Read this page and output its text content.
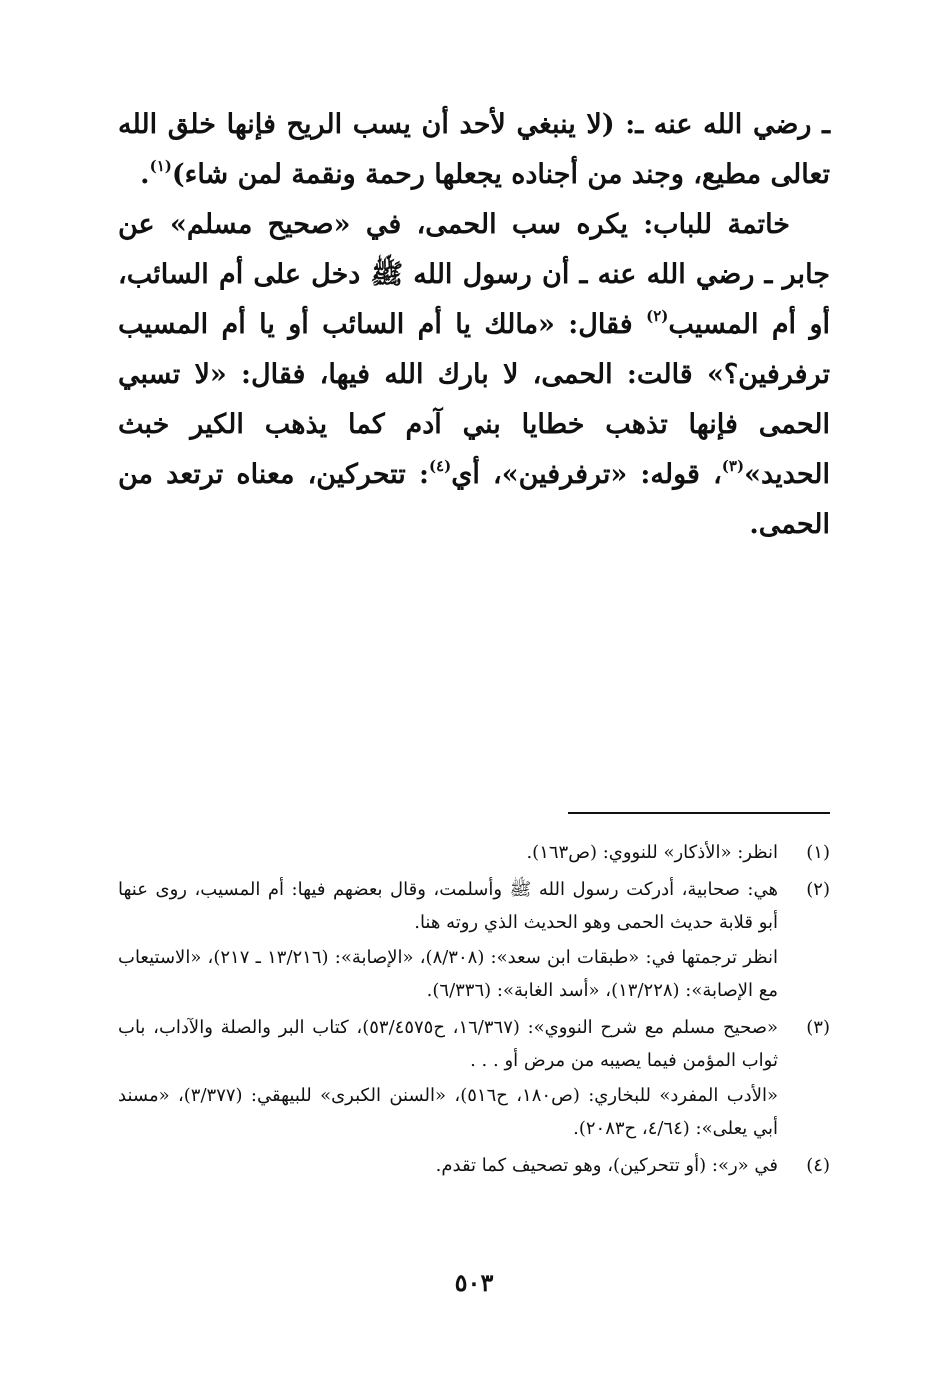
ـ رضي الله عنه ـ: (لا ينبغي لأحد أن يسب الريح فإنها خلق الله تعالى مطيع، وجند من أجناده يجعلها رحمة ونقمة لمن شاء)$^{(١)}$.

خاتمة للباب: يكره سب الحمى، في «صحيح مسلم» عن جابر ـ رضي الله عنه ـ أن رسول الله ﷺ دخل على أم السائب، أو أم المسيب$^{(٢)}$ فقال: «مالك يا أم السائب أو يا أم المسيب ترفرفين؟» قالت: الحمى، لا بارك الله فيها، فقال: «لا تسبي الحمى فإنها تذهب خطايا بني آدم كما يذهب الكير خبث الحديد»$^{(٣)}$، قوله: «ترفرفين»، أي$^{(٤)}$: تتحركين، معناه ترتعد من الحمى.

(١)

انظر: «الأذكار» للنووي: (ص١٦٣).

(٢)

هي: صحابية، أدركت رسول الله ﷺ وأسلمت، وقال بعضهم فيها: أم المسيب، روى عنها أبو قلابة حديث الحمى وهو الحديث الذي روته هنا.

انظر ترجمتها في: «طبقات ابن سعد»: (٨/٣٠٨)، «الإصابة»: (١٣/٢١٦ ـ ٢١٧)، «الاستيعاب مع الإصابة»: (١٣/٢٢٨)، «أسد الغابة»: (٦/٣٣٦).

(٣)

«صحيح مسلم مع شرح النووي»: (١٦/٣٦٧، ح٥٣/٤٥٧٥)، كتاب البر والصلة والآداب، باب ثواب المؤمن فيما يصيبه من مرض أو . . .

«الأدب المفرد» للبخاري: (ص١٨٠، ح٥١٦)، «السنن الكبرى» للبيهقي: (٣/٣٧٧)، «مسند أبي يعلى»: (٤/٦٤، ح٢٠٨٣).

(٤)

في «ر»: (أو تتحركين)، وهو تصحيف كما تقدم.

٥٠٣
